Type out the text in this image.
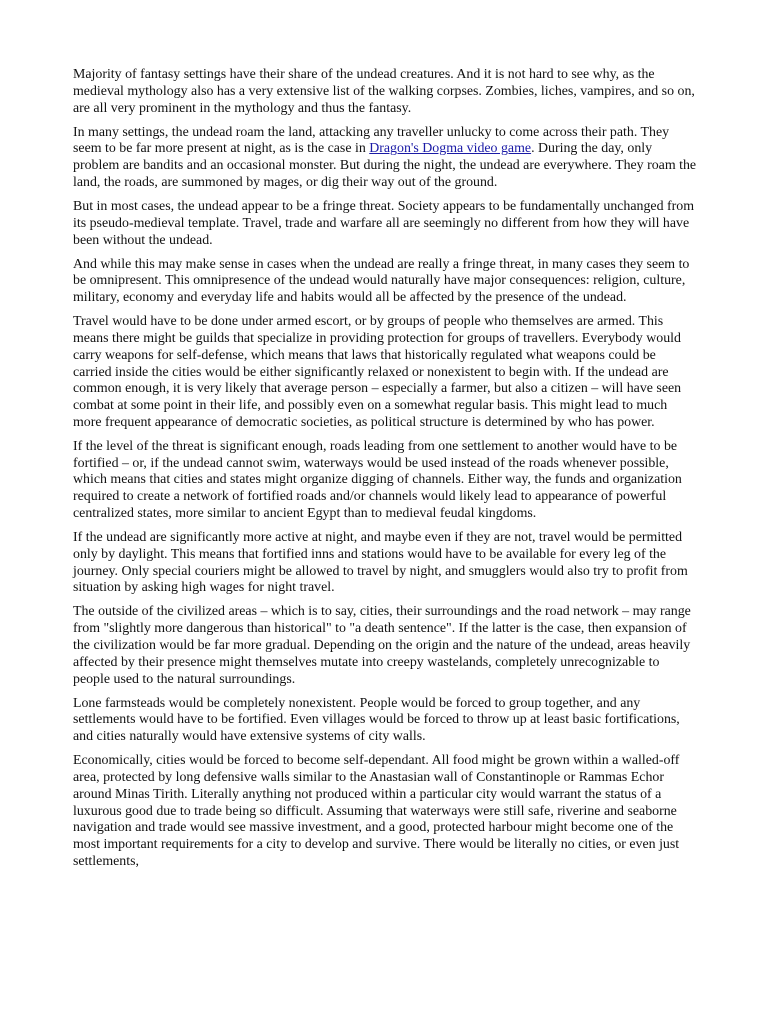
Majority of fantasy settings have their share of the undead creatures. And it is not hard to see why, as the medieval mythology also has a very extensive list of the walking corpses. Zombies, liches, vampires, and so on, are all very prominent in the mythology and thus the fantasy.

In many settings, the undead roam the land, attacking any traveller unlucky to come across their path. They seem to be far more present at night, as is the case in Dragon's Dogma video game. During the day, only problem are bandits and an occasional monster. But during the night, the undead are everywhere. They roam the land, the roads, are summoned by mages, or dig their way out of the ground.

But in most cases, the undead appear to be a fringe threat. Society appears to be fundamentally unchanged from its pseudo-medieval template. Travel, trade and warfare all are seemingly no different from how they will have been without the undead.

And while this may make sense in cases when the undead are really a fringe threat, in many cases they seem to be omnipresent. This omnipresence of the undead would naturally have major consequences: religion, culture, military, economy and everyday life and habits would all be affected by the presence of the undead.

Travel would have to be done under armed escort, or by groups of people who themselves are armed. This means there might be guilds that specialize in providing protection for groups of travellers. Everybody would carry weapons for self-defense, which means that laws that historically regulated what weapons could be carried inside the cities would be either significantly relaxed or nonexistent to begin with. If the undead are common enough, it is very likely that average person – especially a farmer, but also a citizen – will have seen combat at some point in their life, and possibly even on a somewhat regular basis. This might lead to much more frequent appearance of democratic societies, as political structure is determined by who has power.

If the level of the threat is significant enough, roads leading from one settlement to another would have to be fortified – or, if the undead cannot swim, waterways would be used instead of the roads whenever possible, which means that cities and states might organize digging of channels. Either way, the funds and organization required to create a network of fortified roads and/or channels would likely lead to appearance of powerful centralized states, more similar to ancient Egypt than to medieval feudal kingdoms.

If the undead are significantly more active at night, and maybe even if they are not, travel would be permitted only by daylight. This means that fortified inns and stations would have to be available for every leg of the journey. Only special couriers might be allowed to travel by night, and smugglers would also try to profit from situation by asking high wages for night travel.

The outside of the civilized areas – which is to say, cities, their surroundings and the road network – may range from "slightly more dangerous than historical" to "a death sentence". If the latter is the case, then expansion of the civilization would be far more gradual. Depending on the origin and the nature of the undead, areas heavily affected by their presence might themselves mutate into creepy wastelands, completely unrecognizable to people used to the natural surroundings.

Lone farmsteads would be completely nonexistent. People would be forced to group together, and any settlements would have to be fortified. Even villages would be forced to throw up at least basic fortifications, and cities naturally would have extensive systems of city walls.

Economically, cities would be forced to become self-dependant. All food might be grown within a walled-off area, protected by long defensive walls similar to the Anastasian wall of Constantinople or Rammas Echor around Minas Tirith. Literally anything not produced within a particular city would warrant the status of a luxurous good due to trade being so difficult. Assuming that waterways were still safe, riverine and seaborne navigation and trade would see massive investment, and a good, protected harbour might become one of the most important requirements for a city to develop and survive. There would be literally no cities, or even just settlements,
